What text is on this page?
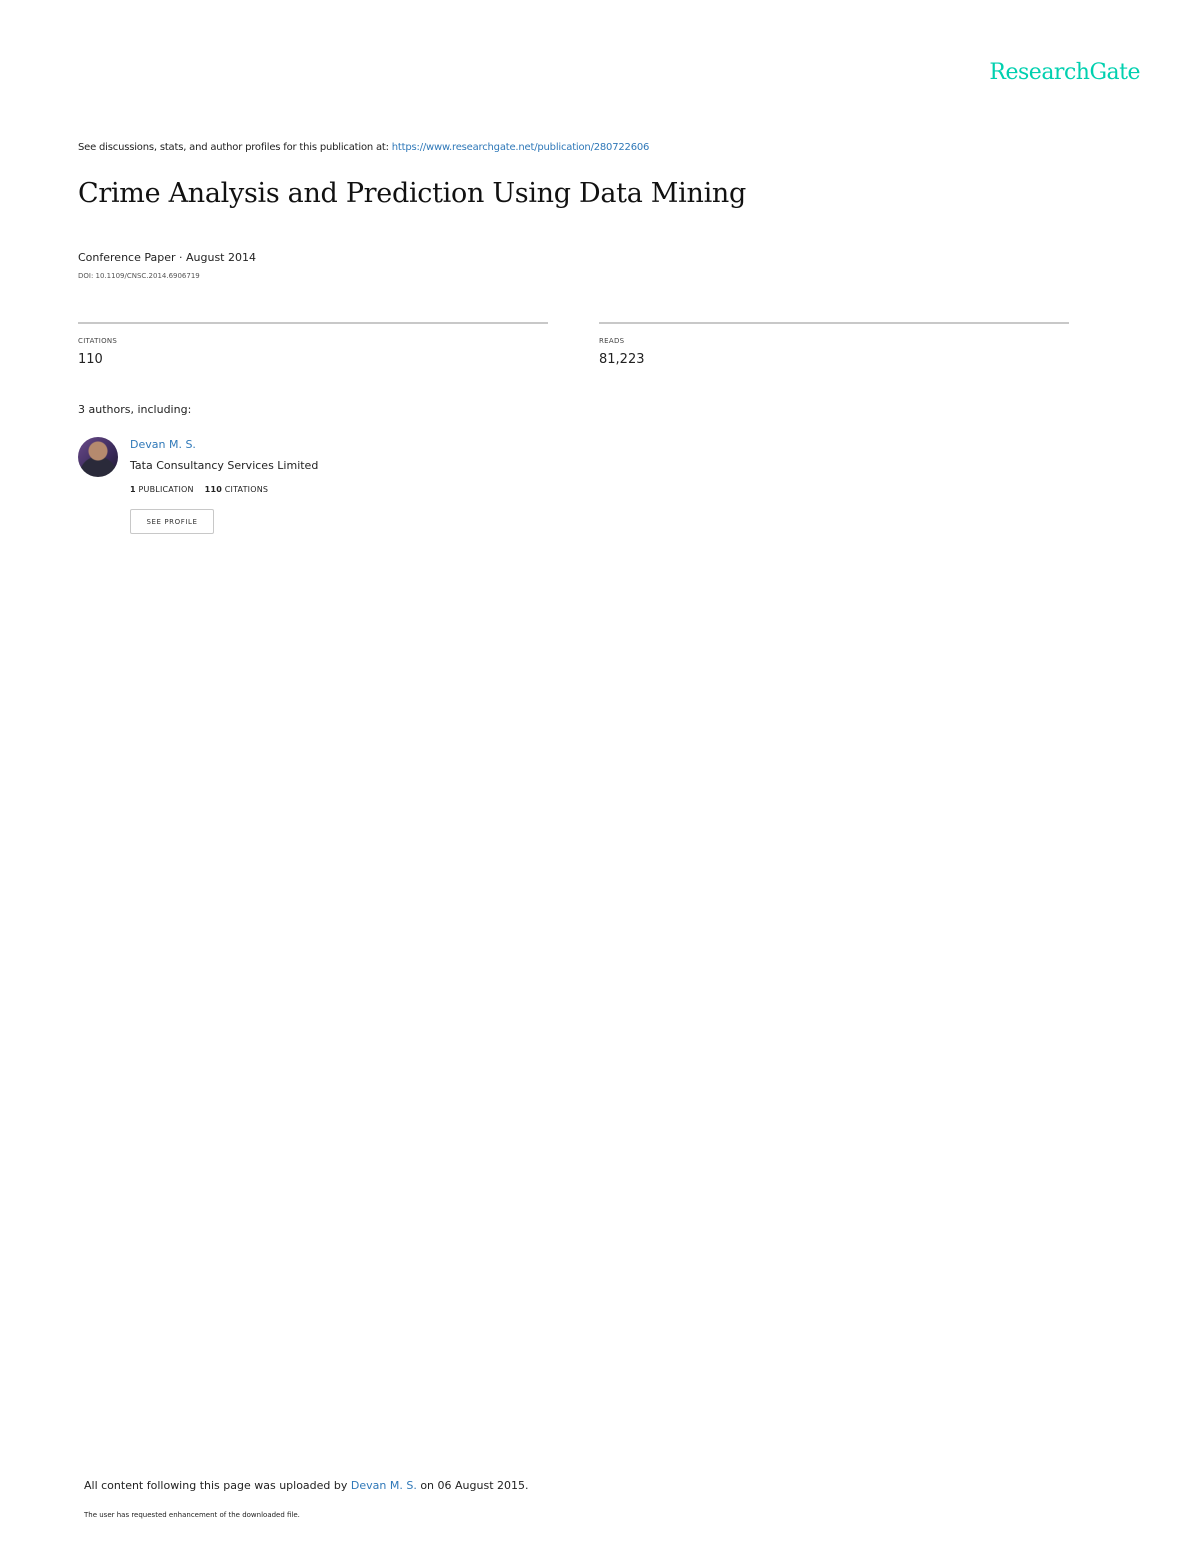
ResearchGate
See discussions, stats, and author profiles for this publication at: https://www.researchgate.net/publication/280722606
Crime Analysis and Prediction Using Data Mining
Conference Paper · August 2014
DOI: 10.1109/CNSC.2014.6906719
CITATIONS
110
READS
81,223
3 authors, including:
Devan M. S.
Tata Consultancy Services Limited
1 PUBLICATION 110 CITATIONS
SEE PROFILE
All content following this page was uploaded by Devan M. S. on 06 August 2015.
The user has requested enhancement of the downloaded file.
